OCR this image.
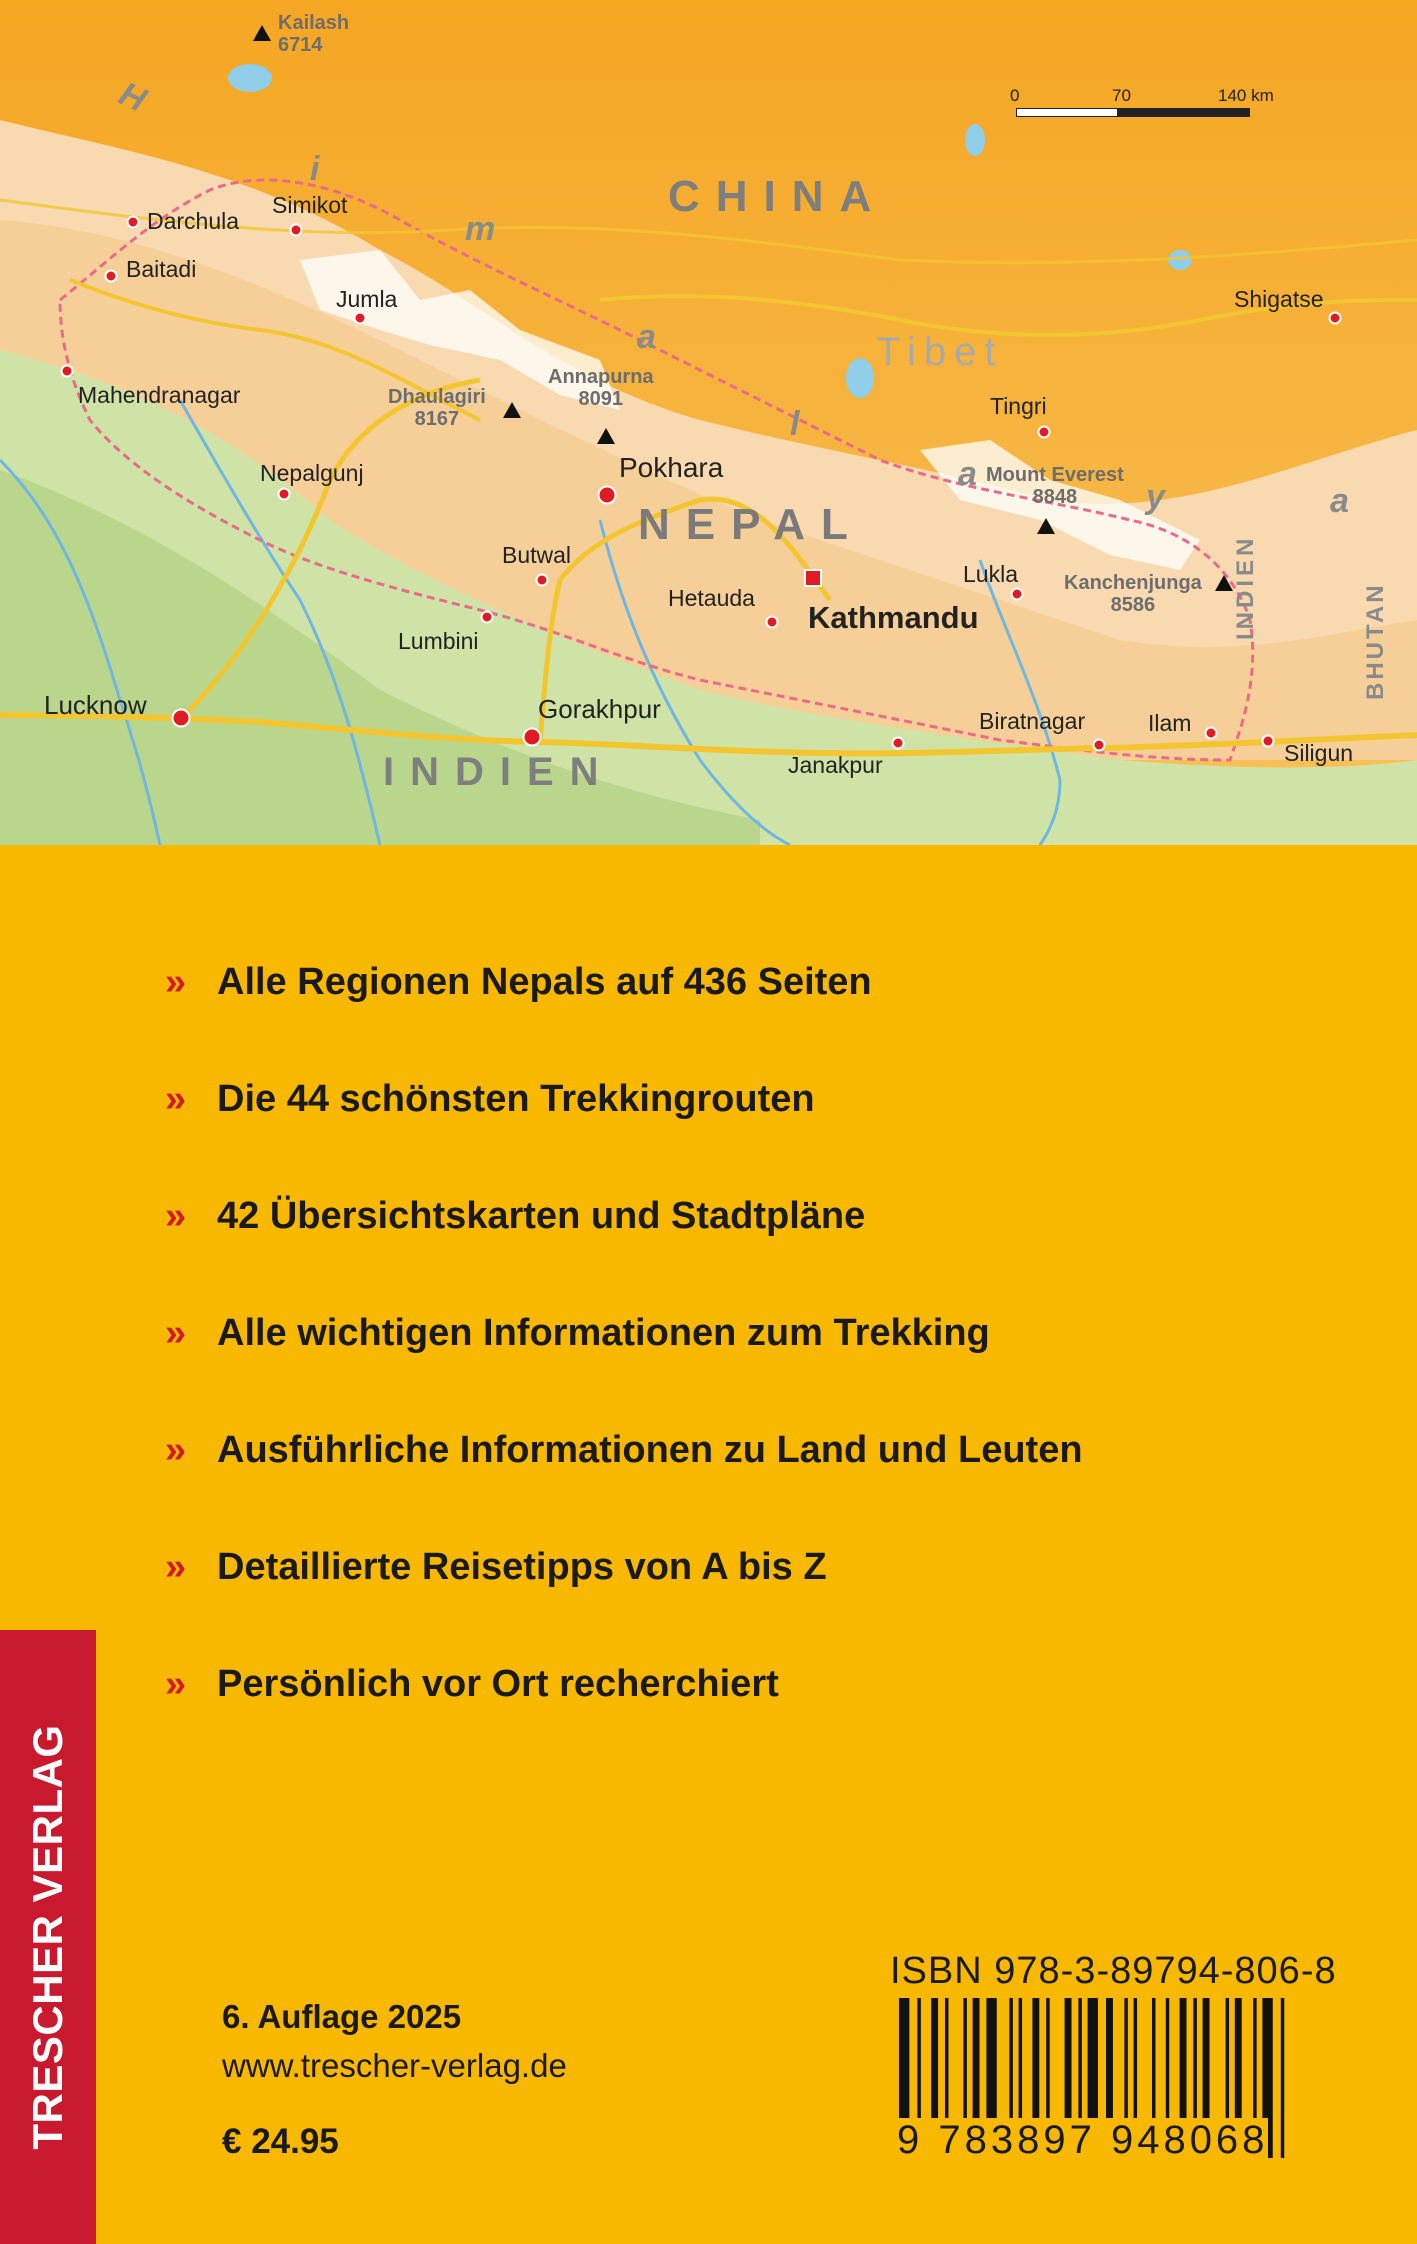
0	70	140 km
CHINA
Tibet
NEPAL
INDIEN
INDIEN	BHUTAN
H
i
m
a
l
a
y	a
Kailash
6714
Dhaulagiri
8167
Annapurna
8091
Mount Everest
8848
Kanchenjunga
8586
Darchula
Simikot
Baitadi
Jumla
Mahendranagar
Nepalgunj	Pokhara
Butwal
Lumbini
Hetauda
Kathmandu
Lukla
Tingri
Shigatse
Lucknow	Gorakhpur
Janakpur
Biratnagar	Ilam
Siligun
» Alle Regionen Nepals auf 436 Seiten
» Die 44 schönsten Trekkingrouten
» 42 Übersichtskarten und Stadtpläne
» Alle wichtigen Informationen zum Trekking
» Ausführliche Informationen zu Land und Leuten
» Detaillierte Reisetipps von A bis Z
» Persönlich vor Ort recherchiert
TRESCHER VERLAG	6. Auflage 2025
www.trescher-verlag.de
€ 24.95
ISBN 978-3-89794-806-8
9 783897 948068
